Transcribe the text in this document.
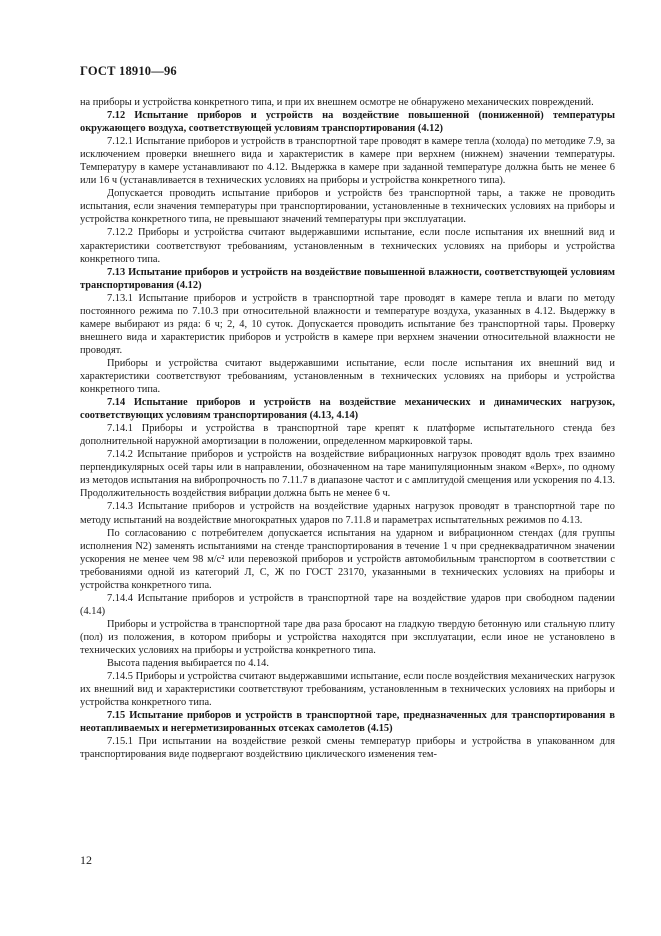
ГОСТ 18910—96

на приборы и устройства конкретного типа, и при их внешнем осмотре не обнаружено механических повреждений.

7.12 Испытание приборов и устройств на воздействие повышенной (пониженной) температуры окружающего воздуха, соответствующей условиям транспортирования (4.12)

7.12.1 Испытание приборов и устройств в транспортной таре проводят в камере тепла (холода) по методике 7.9, за исключением проверки внешнего вида и характеристик в камере при верхнем (нижнем) значении температуры. Температуру в камере устанавливают по 4.12. Выдержка в камере при заданной температуре должна быть не менее 6 или 16 ч (устанавливается в технических условиях на приборы и устройства конкретного типа).

Допускается проводить испытание приборов и устройств без транспортной тары, а также не проводить испытания, если значения температуры при транспортировании, установленные в технических условиях на приборы и устройства конкретного типа, не превышают значений температуры при эксплуатации.

7.12.2 Приборы и устройства считают выдержавшими испытание, если после испытания их внешний вид и характеристики соответствуют требованиям, установленным в технических условиях на приборы и устройства конкретного типа.

7.13 Испытание приборов и устройств на воздействие повышенной влажности, соответствующей условиям транспортирования (4.12)

7.13.1 Испытание приборов и устройств в транспортной таре проводят в камере тепла и влаги по методу постоянного режима по 7.10.3 при относительной влажности и температуре воздуха, указанных в 4.12. Выдержку в камере выбирают из ряда: 6 ч; 2, 4, 10 суток. Допускается проводить испытание без транспортной тары. Проверку внешнего вида и характеристик приборов и устройств в камере при верхнем значении относительной влажности не проводят.

Приборы и устройства считают выдержавшими испытание, если после испытания их внешний вид и характеристики соответствуют требованиям, установленным в технических условиях на приборы и устройства конкретного типа.

7.14 Испытание приборов и устройств на воздействие механических и динамических нагрузок, соответствующих условиям транспортирования (4.13, 4.14)

7.14.1 Приборы и устройства в транспортной таре крепят к платформе испытательного стенда без дополнительной наружной амортизации в положении, определенном маркировкой тары.

7.14.2 Испытание приборов и устройств на воздействие вибрационных нагрузок проводят вдоль трех взаимно перпендикулярных осей тары или в направлении, обозначенном на таре манипуляционным знаком «Верх», по одному из методов испытания на вибропрочность по 7.11.7 в диапазоне частот и с амплитудой смещения или ускорения по 4.13. Продолжительность воздействия вибрации должна быть не менее 6 ч.

7.14.3 Испытание приборов и устройств на воздействие ударных нагрузок проводят в транспортной таре по методу испытаний на воздействие многократных ударов по 7.11.8 и параметрах испытательных режимов по 4.13.

По согласованию с потребителем допускается испытания на ударном и вибрационном стендах (для группы исполнения N2) заменять испытаниями на стенде транспортирования в течение 1 ч при среднеквадратичном значении ускорения не менее чем 98 м/с² или перевозкой приборов и устройств автомобильным транспортом в соответствии с требованиями одной из категорий Л, С, Ж по ГОСТ 23170, указанными в технических условиях на приборы и устройства конкретного типа.

7.14.4 Испытание приборов и устройств в транспортной таре на воздействие ударов при свободном падении (4.14)

Приборы и устройства в транспортной таре два раза бросают на гладкую твердую бетонную или стальную плиту (пол) из положения, в котором приборы и устройства находятся при эксплуатации, если иное не установлено в технических условиях на приборы и устройства конкретного типа.

Высота падения выбирается по 4.14.

7.14.5 Приборы и устройства считают выдержавшими испытание, если после воздействия механических нагрузок их внешний вид и характеристики соответствуют требованиям, установленным в технических условиях на приборы и устройства конкретного типа.

7.15 Испытание приборов и устройств в транспортной таре, предназначенных для транспортирования в неотапливаемых и негерметизированных отсеках самолетов (4.15)

7.15.1 При испытании на воздействие резкой смены температур приборы и устройства в упакованном для транспортирования виде подвергают воздействию циклического изменения тем-

12
